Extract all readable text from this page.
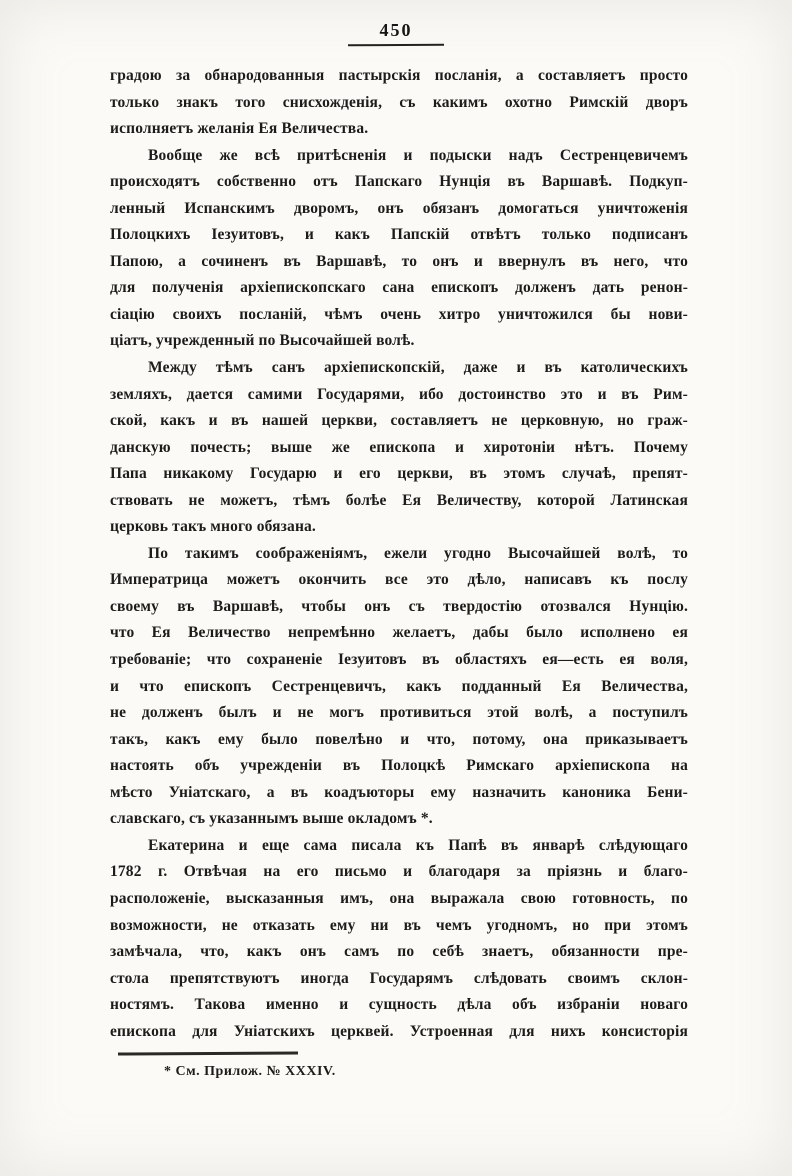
450
градою за обнародованныя пастырскія посланія, а составляетъ просто
только знакъ того снисхожденія, съ какимъ охотно Римскій дворъ
исполняетъ желанія Ея Величества.
Вообще же всѣ притѣсненія и подыски надъ Сестренцевичемъ
происходятъ собственно отъ Папскаго Нунція въ Варшавѣ. Подкуп-
ленный Испанскимъ дворомъ, онъ обязанъ домогаться уничтоженія
Полоцкихъ Іезуитовъ, и какъ Папскій отвѣтъ только подписанъ
Папою, а сочиненъ въ Варшавѣ, то онъ и ввернулъ въ него, что
для полученія архіепископскаго сана епископъ долженъ дать ренон-
сіацію своихъ посланій, чѣмъ очень хитро уничтожился бы нови-
ціатъ, учрежденный по Высочайшей волѣ.
Между тѣмъ санъ архіепископскій, даже и въ католическихъ
земляхъ, дается самими Государями, ибо достоинство это и въ Рим-
ской, какъ и въ нашей церкви, составляетъ не церковную, но граж-
данскую почесть; выше же епископа и хиротоніи нѣтъ. Почему
Папа никакому Государю и его церкви, въ этомъ случаѣ, препят-
ствовать не можетъ, тѣмъ болѣе Ея Величеству, которой Латинская
церковь такъ много обязана.
По такимъ соображеніямъ, ежели угодно Высочайшей волѣ, то
Императрица можетъ окончить все это дѣло, написавъ къ послу
своему въ Варшавѣ, чтобы онъ съ твердостію отозвался Нунцію.
что Ея Величество непремѣнно желаетъ, дабы было исполнено ея
требованіе; что сохраненіе Іезуитовъ въ областяхъ ея—есть ея воля,
и что епископъ Сестренцевичъ, какъ подданный Ея Величества,
не долженъ былъ и не могъ противиться этой волѣ, а поступилъ
такъ, какъ ему было повелѣно и что, потому, она приказываетъ
настоять объ учрежденіи въ Полоцкѣ Римскаго архіепископа на
мѣсто Уніатскаго, а въ коадъюторы ему назначить каноника Бени-
славскаго, съ указаннымъ выше окладомъ *.
Екатерина и еще сама писала къ Папѣ въ январѣ слѣдующаго
1782 г. Отвѣчая на его письмо и благодаря за пріязнь и благо-
расположеніе, высказанныя имъ, она выражала свою готовность, по
возможности, не отказать ему ни въ чемъ угодномъ, но при этомъ
замѣчала, что, какъ онъ самъ по себѣ знаетъ, обязанности пре-
стола препятствуютъ иногда Государямъ слѣдовать своимъ склон-
ностямъ. Такова именно и сущность дѣла объ избраніи новаго
епископа для Уніатскихъ церквей. Устроенная для нихъ консисторія
* См. Прилож. № XXXIV.
